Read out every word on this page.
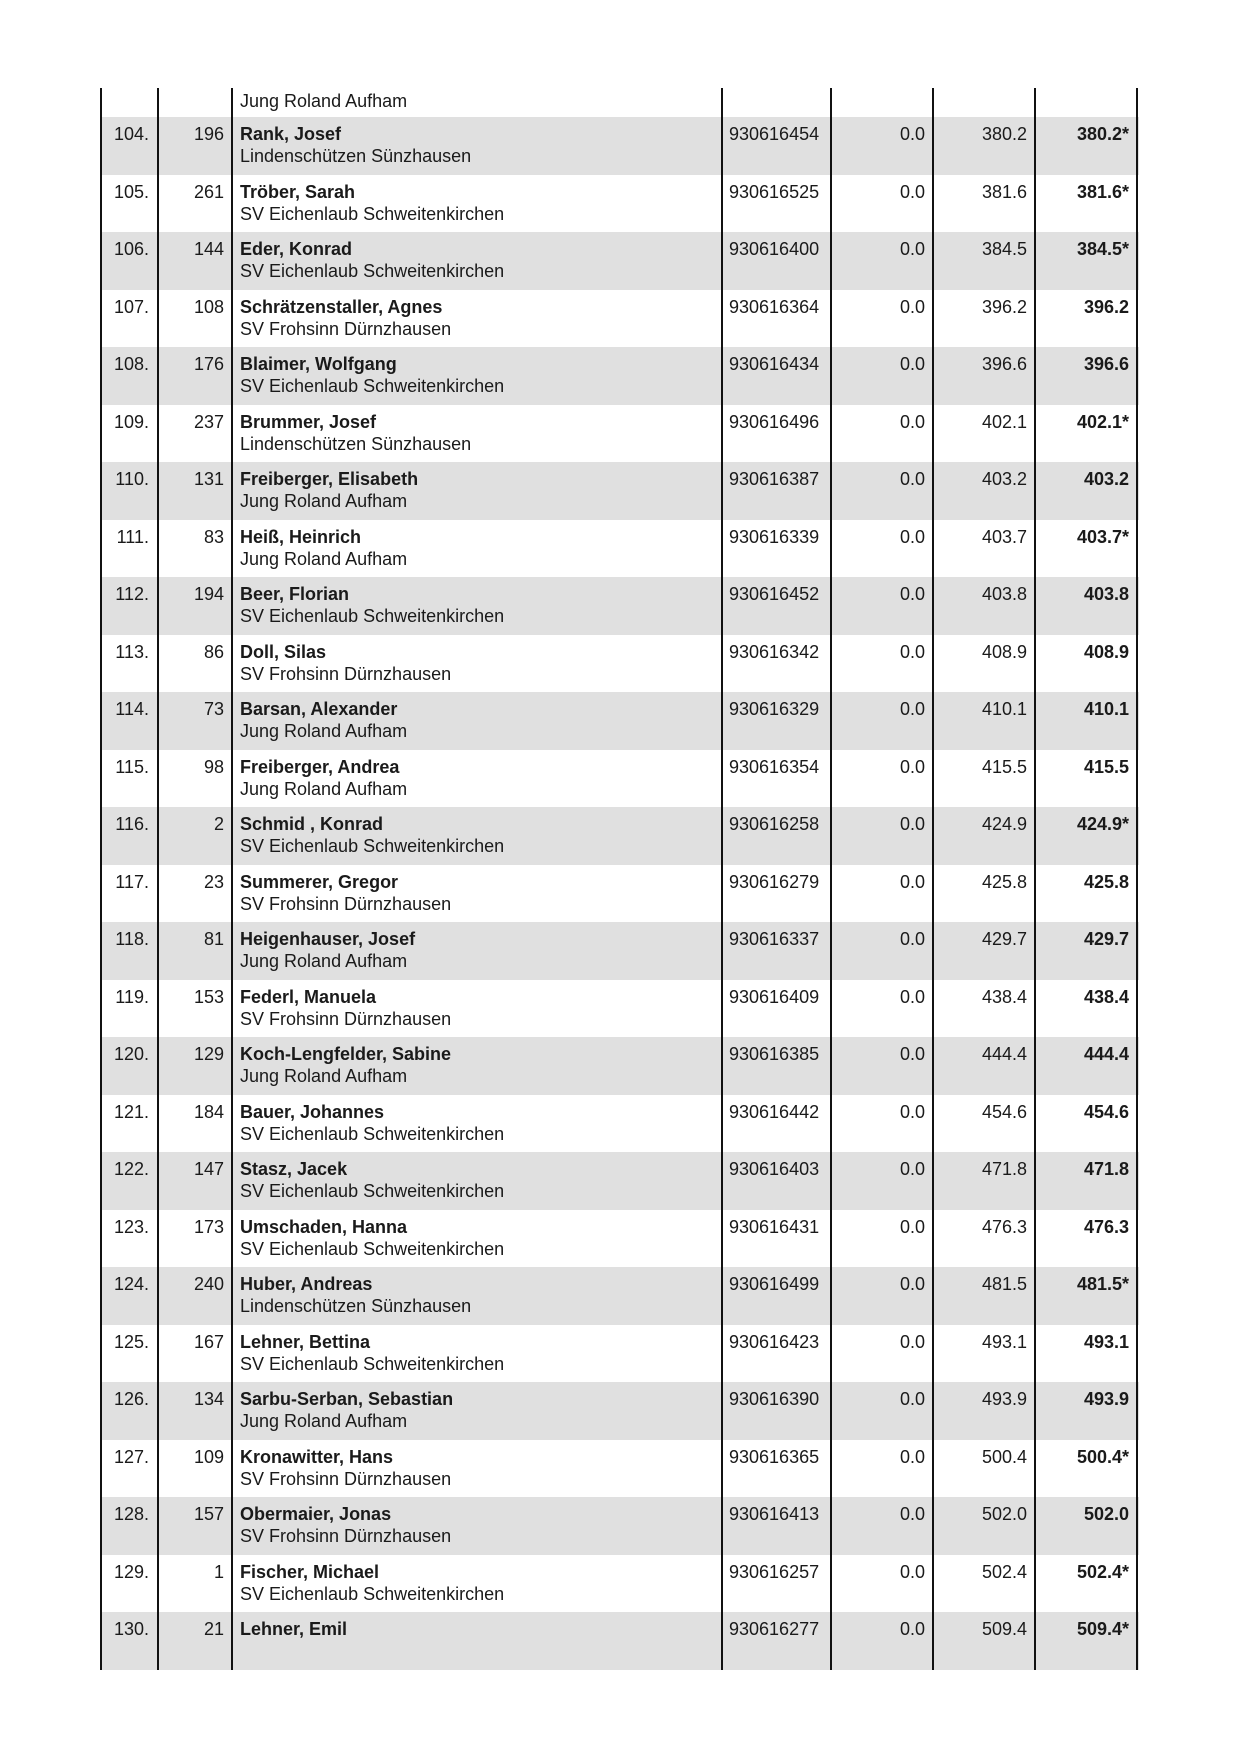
Jung Roland Aufham
104.	196 Rank, Josef
Lindenschützen Sünzhausen
930616454	0.0	380.2	380.2*
105.	261 Tröber, Sarah
SV Eichenlaub Schweitenkirchen
930616525	0.0	381.6	381.6*
106.	144 Eder, Konrad
SV Eichenlaub Schweitenkirchen
930616400	0.0	384.5	384.5*
107.	108 Schrätzenstaller, Agnes
SV Frohsinn Dürnzhausen
930616364	0.0	396.2	396.2
108.	176 Blaimer, Wolfgang
SV Eichenlaub Schweitenkirchen
930616434	0.0	396.6	396.6
109.	237 Brummer, Josef
Lindenschützen Sünzhausen
930616496	0.0	402.1	402.1*
110.	131 Freiberger, Elisabeth
Jung Roland Aufham
930616387	0.0	403.2	403.2
111.	83 Heiß, Heinrich
Jung Roland Aufham
930616339	0.0	403.7	403.7*
112.	194 Beer, Florian
SV Eichenlaub Schweitenkirchen
930616452	0.0	403.8	403.8
113.	86 Doll, Silas
SV Frohsinn Dürnzhausen
930616342	0.0	408.9	408.9
114.	73 Barsan, Alexander
Jung Roland Aufham
930616329	0.0	410.1	410.1
115.	98 Freiberger, Andrea
Jung Roland Aufham
930616354	0.0	415.5	415.5
116.	2 Schmid , Konrad
SV Eichenlaub Schweitenkirchen
930616258	0.0	424.9	424.9*
117.	23 Summerer, Gregor
SV Frohsinn Dürnzhausen
930616279	0.0	425.8	425.8
118.	81 Heigenhauser, Josef
Jung Roland Aufham
930616337	0.0	429.7	429.7
119.	153 Federl, Manuela
SV Frohsinn Dürnzhausen
930616409	0.0	438.4	438.4
120.	129 Koch-Lengfelder, Sabine
Jung Roland Aufham
930616385	0.0	444.4	444.4
121.	184 Bauer, Johannes
SV Eichenlaub Schweitenkirchen
930616442	0.0	454.6	454.6
122.	147 Stasz, Jacek
SV Eichenlaub Schweitenkirchen
930616403	0.0	471.8	471.8
123.	173 Umschaden, Hanna
SV Eichenlaub Schweitenkirchen
930616431	0.0	476.3	476.3
124.	240 Huber, Andreas
Lindenschützen Sünzhausen
930616499	0.0	481.5	481.5*
125.	167 Lehner, Bettina
SV Eichenlaub Schweitenkirchen
930616423	0.0	493.1	493.1
126.	134 Sarbu-Serban, Sebastian
Jung Roland Aufham
930616390	0.0	493.9	493.9
127.	109 Kronawitter, Hans
SV Frohsinn Dürnzhausen
930616365	0.0	500.4	500.4*
128.	157 Obermaier, Jonas
SV Frohsinn Dürnzhausen
930616413	0.0	502.0	502.0
129.	1 Fischer, Michael
SV Eichenlaub Schweitenkirchen
930616257	0.0	502.4	502.4*
130.	21 Lehner, Emil	930616277	0.0	509.4	509.4*
